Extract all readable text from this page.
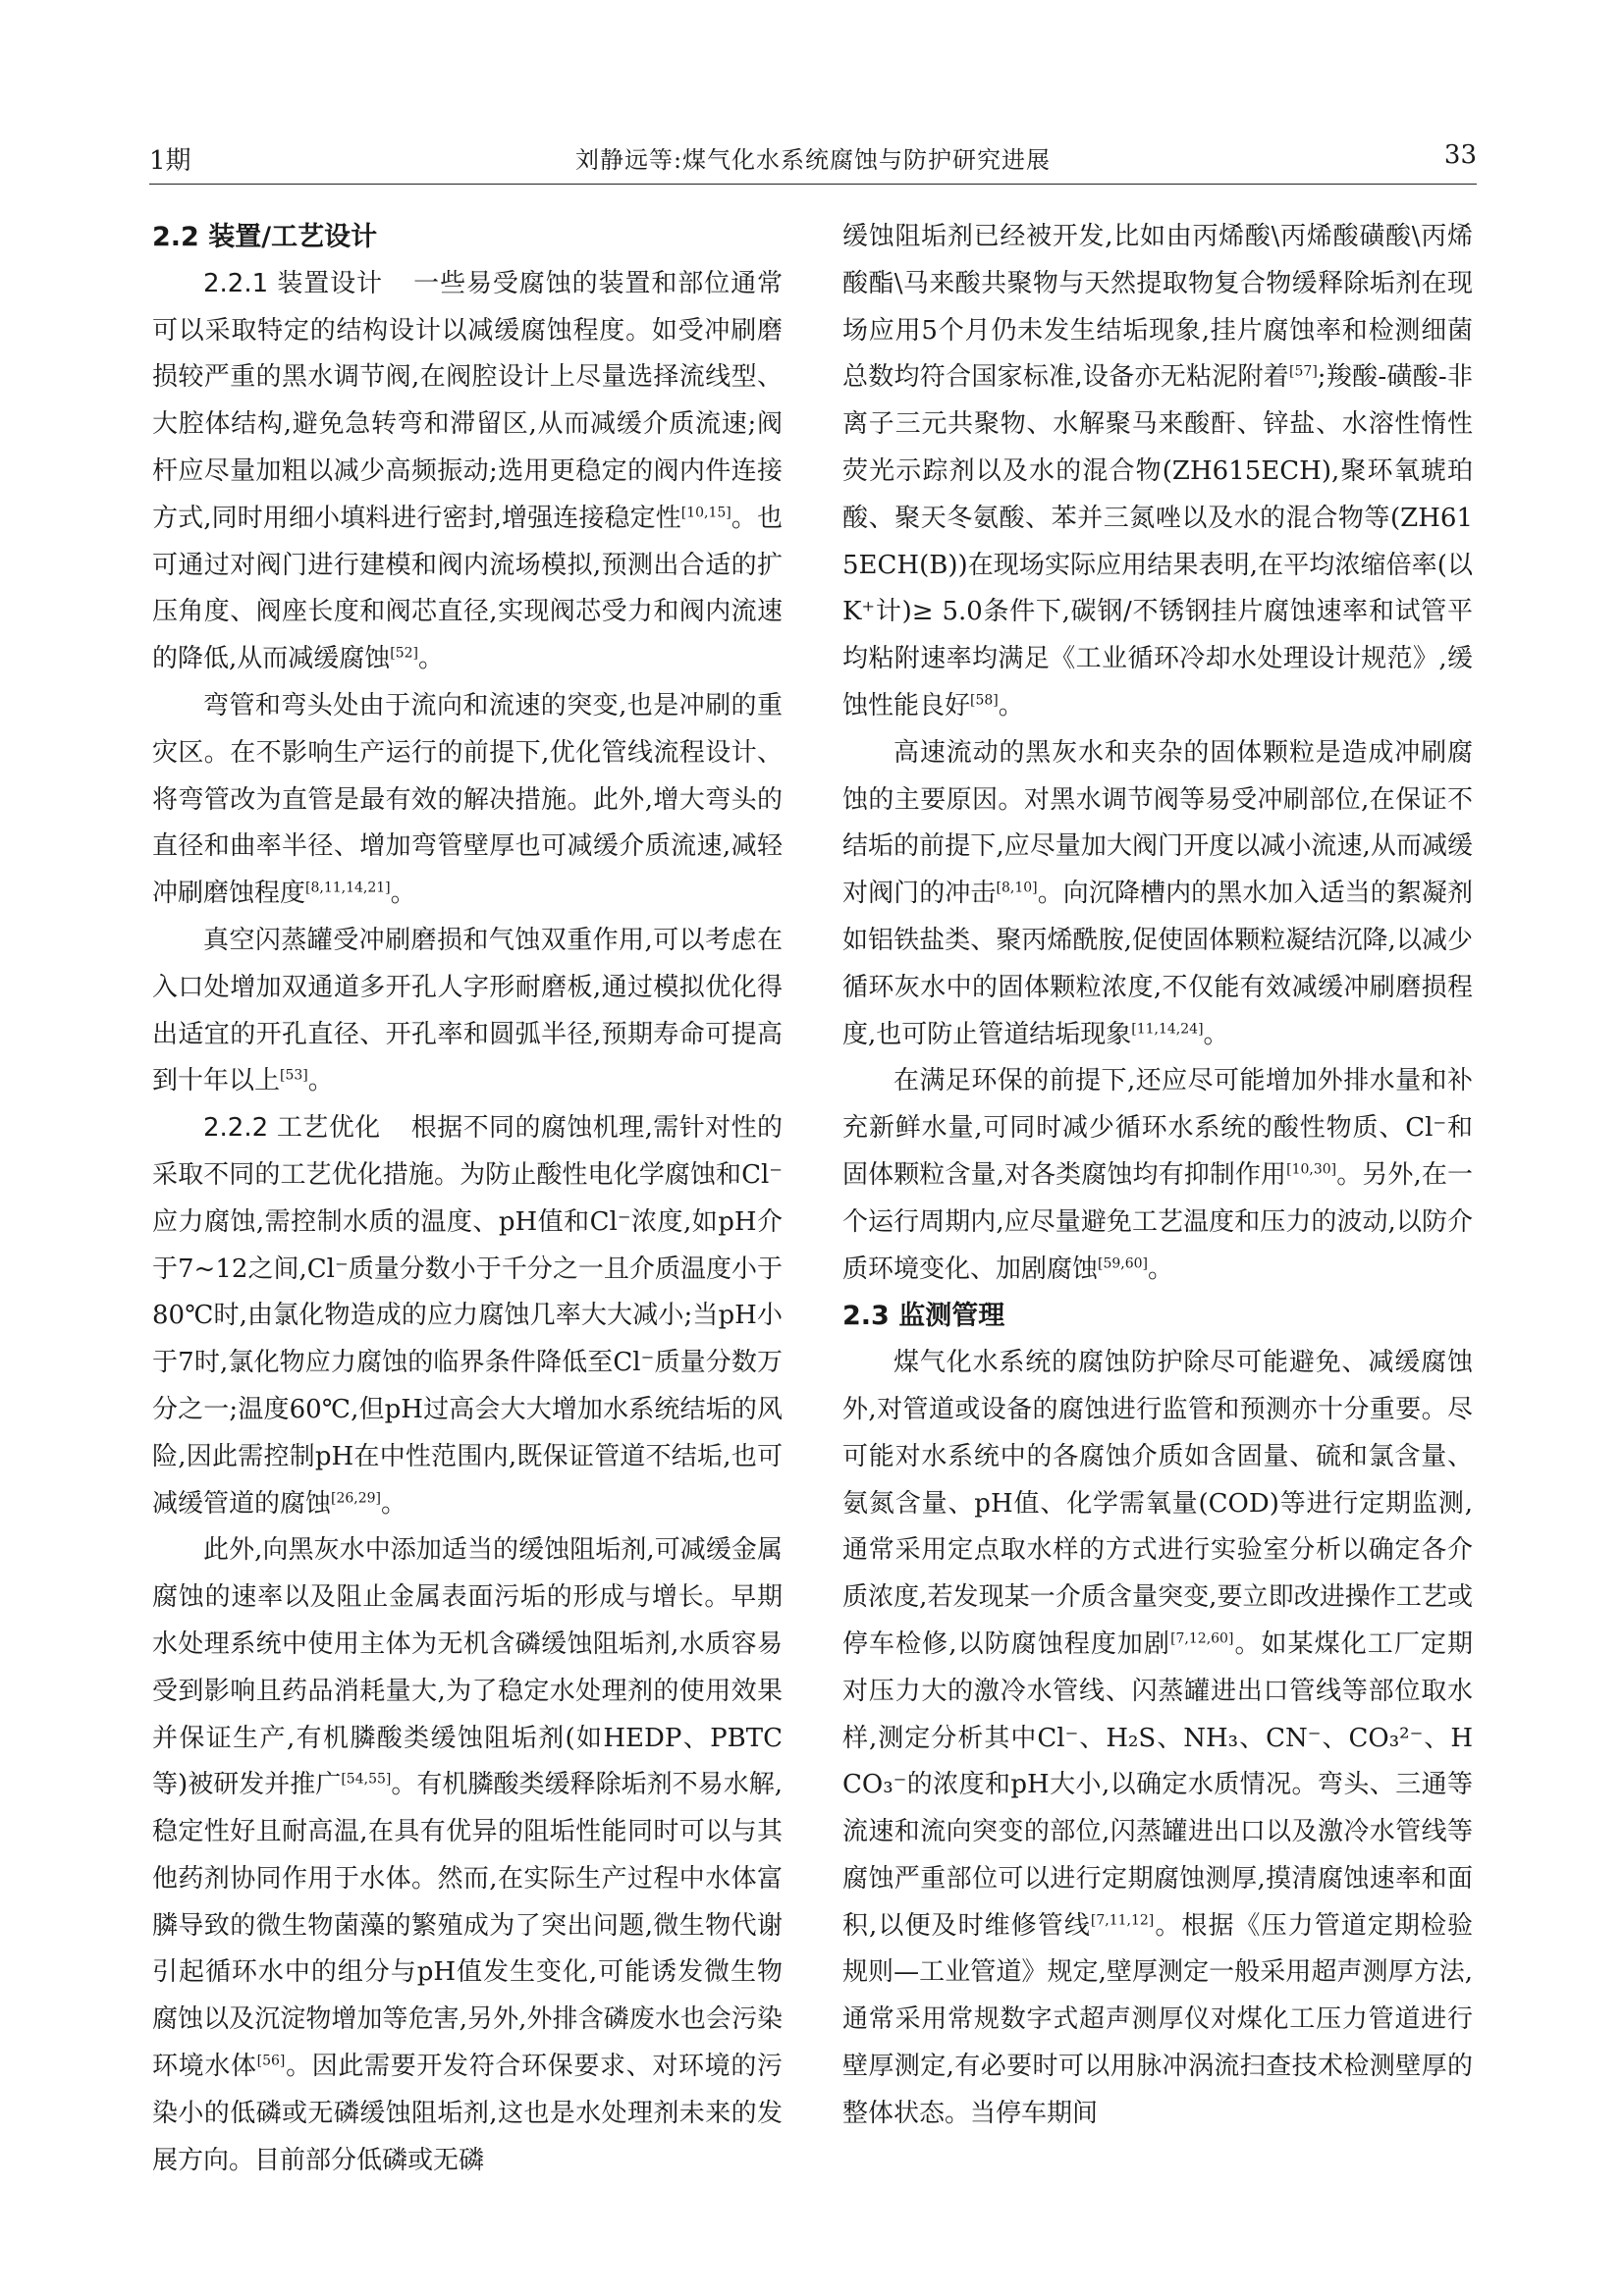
1期	刘静远等:煤气化水系统腐蚀与防护研究进展	33
2.2 装置/工艺设计

2.2.1 装置设计 一些易受腐蚀的装置和部位通常可以采取特定的结构设计以减缓腐蚀程度。如受冲刷磨损较严重的黑水调节阀,在阀腔设计上尽量选择流线型、大腔体结构,避免急转弯和滞留区,从而减缓介质流速;阀杆应尽量加粗以减少高频振动;选用更稳定的阀内件连接方式,同时用细小填料进行密封,增强连接稳定性[10,15]。也可通过对阀门进行建模和阀内流场模拟,预测出合适的扩压角度、阀座长度和阀芯直径,实现阀芯受力和阀内流速的降低,从而减缓腐蚀[52]。

弯管和弯头处由于流向和流速的突变,也是冲刷的重灾区。在不影响生产运行的前提下,优化管线流程设计、将弯管改为直管是最有效的解决措施。此外,增大弯头的直径和曲率半径、增加弯管壁厚也可减缓介质流速,减轻冲刷磨蚀程度[8,11,14,21]。

真空闪蒸罐受冲刷磨损和气蚀双重作用,可以考虑在入口处增加双通道多开孔人字形耐磨板,通过模拟优化得出适宜的开孔直径、开孔率和圆弧半径,预期寿命可提高到十年以上[53]。

2.2.2 工艺优化 根据不同的腐蚀机理,需针对性的采取不同的工艺优化措施。为防止酸性电化学腐蚀和Cl⁻应力腐蚀,需控制水质的温度、pH值和Cl⁻浓度,如pH介于7~12之间,Cl⁻质量分数小于千分之一且介质温度小于80℃时,由氯化物造成的应力腐蚀几率大大减小;当pH小于7时,氯化物应力腐蚀的临界条件降低至Cl⁻质量分数万分之一;温度60℃,但pH过高会大大增加水系统结垢的风险,因此需控制pH在中性范围内,既保证管道不结垢,也可减缓管道的腐蚀[26,29]。

此外,向黑灰水中添加适当的缓蚀阻垢剂,可减缓金属腐蚀的速率以及阻止金属表面污垢的形成与增长。早期水处理系统中使用主体为无机含磷缓蚀阻垢剂,水质容易受到影响且药品消耗量大,为了稳定水处理剂的使用效果并保证生产,有机膦酸类缓蚀阻垢剂(如HEDP、PBTC等)被研发并推广[54,55]。有机膦酸类缓释除垢剂不易水解,稳定性好且耐高温,在具有优异的阻垢性能同时可以与其他药剂协同作用于水体。然而,在实际生产过程中水体富膦导致的微生物菌藻的繁殖成为了突出问题,微生物代谢引起循环水中的组分与pH值发生变化,可能诱发微生物腐蚀以及沉淀物增加等危害,另外,外排含磷废水也会污染环境水体[56]。因此需要开发符合环保要求、对环境的污染小的低磷或无磷缓蚀阻垢剂,这也是水处理剂未来的发展方向。目前部分低磷或无磷

缓蚀阻垢剂已经被开发,比如由丙烯酸\丙烯酸磺酸\丙烯酸酯\马来酸共聚物与天然提取物复合物缓释除垢剂在现场应用5个月仍未发生结垢现象,挂片腐蚀率和检测细菌总数均符合国家标准,设备亦无粘泥附着[57];羧酸-磺酸-非离子三元共聚物、水解聚马来酸酐、锌盐、水溶性惰性荧光示踪剂以及水的混合物(ZH615ECH),聚环氧琥珀酸、聚天冬氨酸、苯并三氮唑以及水的混合物等(ZH615ECH(B))在现场实际应用结果表明,在平均浓缩倍率(以K⁺计)≥ 5.0条件下,碳钢/不锈钢挂片腐蚀速率和试管平均粘附速率均满足《工业循环冷却水处理设计规范》,缓蚀性能良好[58]。

高速流动的黑灰水和夹杂的固体颗粒是造成冲刷腐蚀的主要原因。对黑水调节阀等易受冲刷部位,在保证不结垢的前提下,应尽量加大阀门开度以减小流速,从而减缓对阀门的冲击[8,10]。向沉降槽内的黑水加入适当的絮凝剂如铝铁盐类、聚丙烯酰胺,促使固体颗粒凝结沉降,以减少循环灰水中的固体颗粒浓度,不仅能有效减缓冲刷磨损程度,也可防止管道结垢现象[11,14,24]。

在满足环保的前提下,还应尽可能增加外排水量和补充新鲜水量,可同时减少循环水系统的酸性物质、Cl⁻和固体颗粒含量,对各类腐蚀均有抑制作用[10,30]。另外,在一个运行周期内,应尽量避免工艺温度和压力的波动,以防介质环境变化、加剧腐蚀[59,60]。

2.3 监测管理

煤气化水系统的腐蚀防护除尽可能避免、减缓腐蚀外,对管道或设备的腐蚀进行监管和预测亦十分重要。尽可能对水系统中的各腐蚀介质如含固量、硫和氯含量、氨氮含量、pH值、化学需氧量(COD)等进行定期监测,通常采用定点取水样的方式进行实验室分析以确定各介质浓度,若发现某一介质含量突变,要立即改进操作工艺或停车检修,以防腐蚀程度加剧[7,12,60]。如某煤化工厂定期对压力大的激冷水管线、闪蒸罐进出口管线等部位取水样,测定分析其中Cl⁻、H₂S、NH₃、CN⁻、CO₃²⁻、HCO₃⁻的浓度和pH大小,以确定水质情况。弯头、三通等流速和流向突变的部位,闪蒸罐进出口以及激冷水管线等腐蚀严重部位可以进行定期腐蚀测厚,摸清腐蚀速率和面积,以便及时维修管线[7,11,12]。根据《压力管道定期检验规则—工业管道》规定,壁厚测定一般采用超声测厚方法,通常采用常规数字式超声测厚仪对煤化工压力管道进行壁厚测定,有必要时可以用脉冲涡流扫查技术检测壁厚的整体状态。当停车期间
